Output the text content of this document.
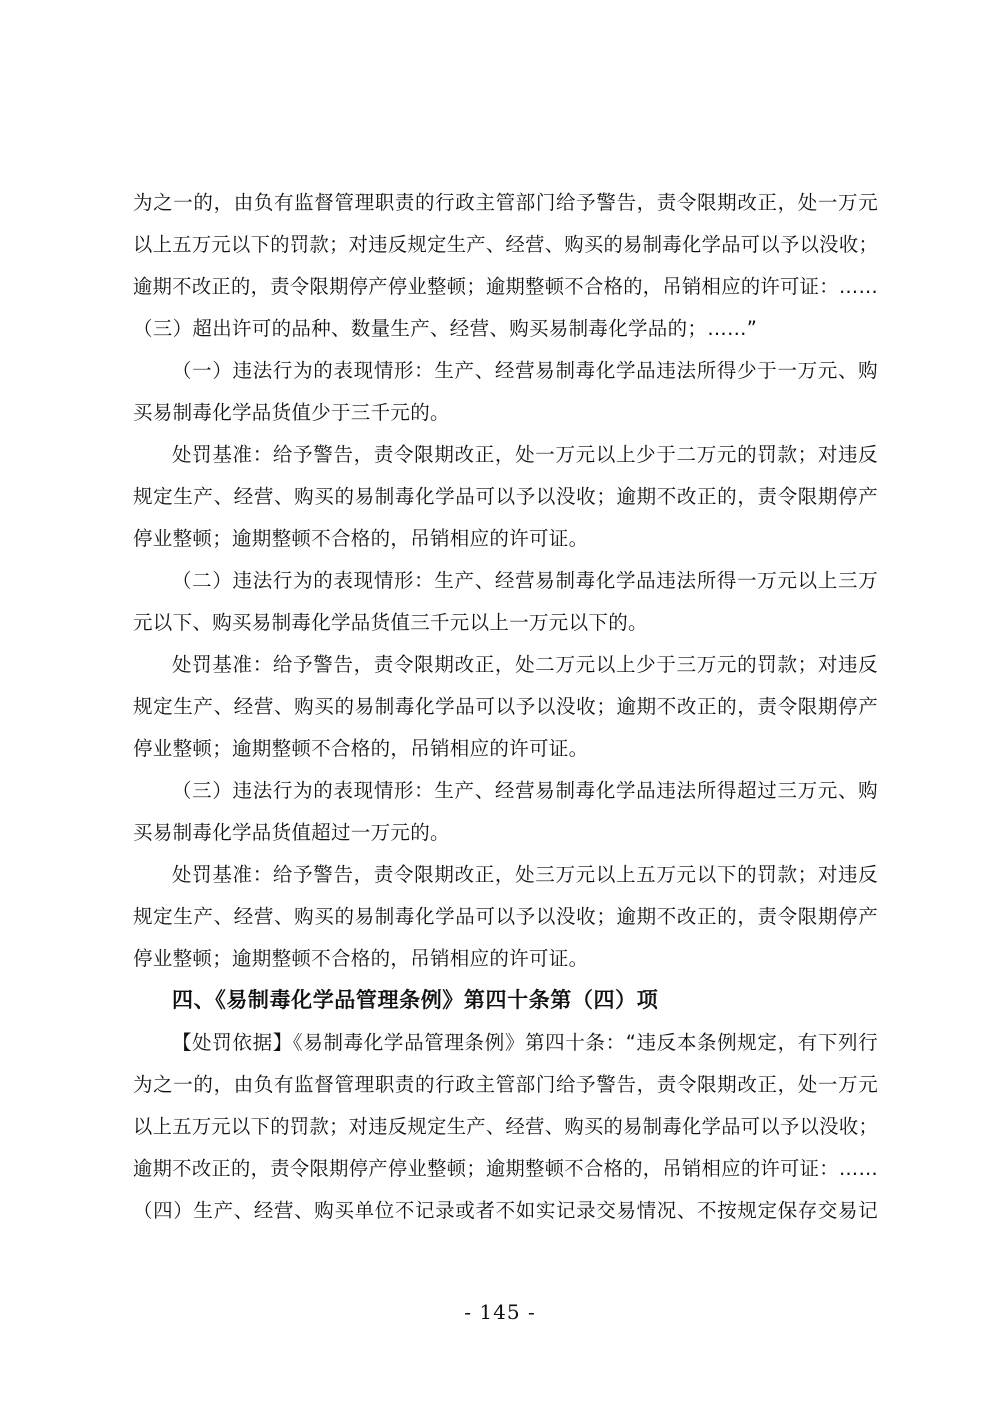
为之一的，由负有监督管理职责的行政主管部门给予警告，责令限期改正，处一万元
以上五万元以下的罚款；对违反规定生产、经营、购买的易制毒化学品可以予以没收；
逾期不改正的，责令限期停产停业整顿；逾期整顿不合格的，吊销相应的许可证：……
（三）超出许可的品种、数量生产、经营、购买易制毒化学品的；……”
（一）违法行为的表现情形：生产、经营易制毒化学品违法所得少于一万元、购
买易制毒化学品货值少于三千元的。
处罚基准：给予警告，责令限期改正，处一万元以上少于二万元的罚款；对违反
规定生产、经营、购买的易制毒化学品可以予以没收；逾期不改正的，责令限期停产
停业整顿；逾期整顿不合格的，吊销相应的许可证。
（二）违法行为的表现情形：生产、经营易制毒化学品违法所得一万元以上三万
元以下、购买易制毒化学品货值三千元以上一万元以下的。
处罚基准：给予警告，责令限期改正，处二万元以上少于三万元的罚款；对违反
规定生产、经营、购买的易制毒化学品可以予以没收；逾期不改正的，责令限期停产
停业整顿；逾期整顿不合格的，吊销相应的许可证。
（三）违法行为的表现情形：生产、经营易制毒化学品违法所得超过三万元、购
买易制毒化学品货值超过一万元的。
处罚基准：给予警告，责令限期改正，处三万元以上五万元以下的罚款；对违反
规定生产、经营、购买的易制毒化学品可以予以没收；逾期不改正的，责令限期停产
停业整顿；逾期整顿不合格的，吊销相应的许可证。
四、《易制毒化学品管理条例》第四十条第（四）项
【处罚依据】《易制毒化学品管理条例》第四十条：“违反本条例规定，有下列行
为之一的，由负有监督管理职责的行政主管部门给予警告，责令限期改正，处一万元
以上五万元以下的罚款；对违反规定生产、经营、购买的易制毒化学品可以予以没收；
逾期不改正的，责令限期停产停业整顿；逾期整顿不合格的，吊销相应的许可证：……
（四）生产、经营、购买单位不记录或者不如实记录交易情况、不按规定保存交易记
- 145 -
